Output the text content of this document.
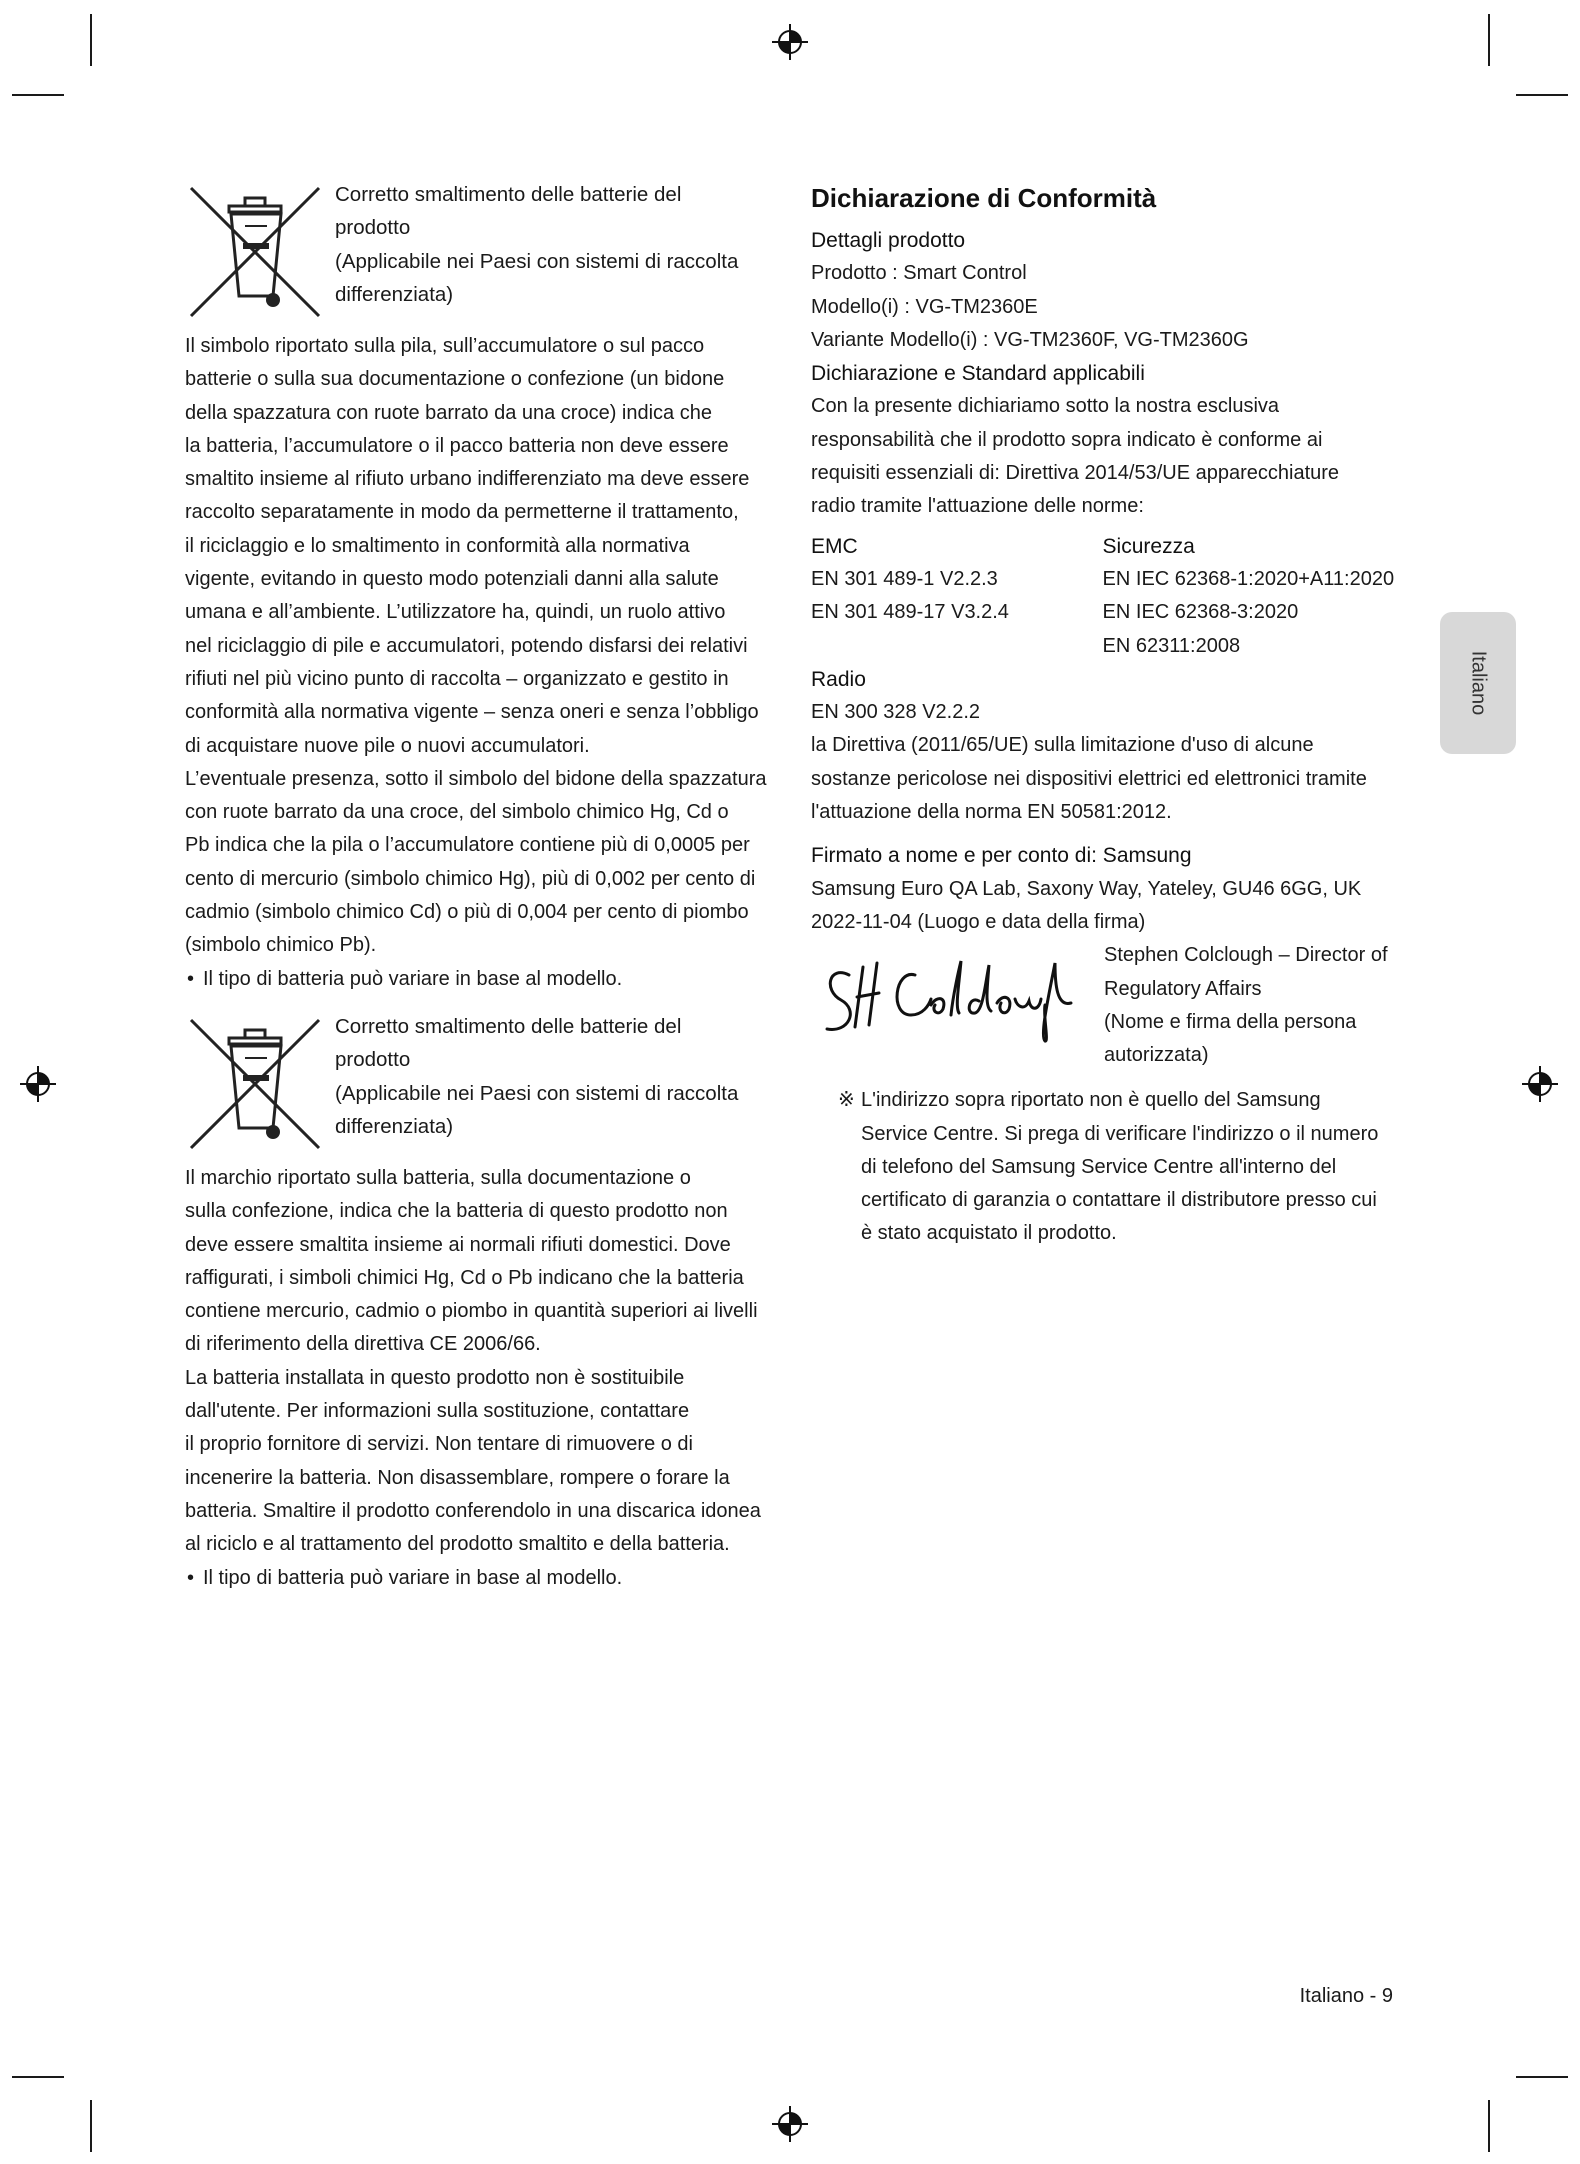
Corretto smaltimento delle batterie del
prodotto
(Applicabile nei Paesi con sistemi di raccolta
differenziata)
Il simbolo riportato sulla pila, sull’accumulatore o sul pacco
batterie o sulla sua documentazione o confezione (un bidone
della spazzatura con ruote barrato da una croce) indica che
la batteria, l’accumulatore o il pacco batteria non deve essere
smaltito insieme al rifiuto urbano indifferenziato ma deve essere
raccolto separatamente in modo da permetterne il trattamento,
il riciclaggio e lo smaltimento in conformità alla normativa
vigente, evitando in questo modo potenziali danni alla salute
umana e all’ambiente. L’utilizzatore ha, quindi, un ruolo attivo
nel riciclaggio di pile e accumulatori, potendo disfarsi dei relativi
rifiuti nel più vicino punto di raccolta – organizzato e gestito in
conformità alla normativa vigente – senza oneri e senza l’obbligo
di acquistare nuove pile o nuovi accumulatori.
L’eventuale presenza, sotto il simbolo del bidone della spazzatura
con ruote barrato da una croce, del simbolo chimico Hg, Cd o
Pb indica che la pila o l’accumulatore contiene più di 0,0005 per
cento di mercurio (simbolo chimico Hg), più di 0,002 per cento di
cadmio (simbolo chimico Cd) o più di 0,004 per cento di piombo
(simbolo chimico Pb).
• Il tipo di batteria può variare in base al modello.
Corretto smaltimento delle batterie del
prodotto
(Applicabile nei Paesi con sistemi di raccolta
differenziata)
Il marchio riportato sulla batteria, sulla documentazione o
sulla confezione, indica che la batteria di questo prodotto non
deve essere smaltita insieme ai normali rifiuti domestici. Dove
raffigurati, i simboli chimici Hg, Cd o Pb indicano che la batteria
contiene mercurio, cadmio o piombo in quantità superiori ai livelli
di riferimento della direttiva CE 2006/66.
La batteria installata in questo prodotto non è sostituibile
dall'utente. Per informazioni sulla sostituzione, contattare
il proprio fornitore di servizi. Non tentare di rimuovere o di
incenerire la batteria. Non disassemblare, rompere o forare la
batteria. Smaltire il prodotto conferendolo in una discarica idonea
al riciclo e al trattamento del prodotto smaltito e della batteria.
• Il tipo di batteria può variare in base al modello.
Dichiarazione di Conformità
Dettagli prodotto
Prodotto : Smart Control
Modello(i) : VG-TM2360E
Variante Modello(i) : VG-TM2360F, VG-TM2360G
Dichiarazione e Standard applicabili
Con la presente dichiariamo sotto la nostra esclusiva
responsabilità che il prodotto sopra indicato è conforme ai
requisiti essenziali di: Direttiva 2014/53/UE apparecchiature
radio tramite l'attuazione delle norme:
EMC
EN 301 489-1 V2.2.3
EN 301 489-17 V3.2.4
Sicurezza
EN IEC 62368-1:2020+A11:2020
EN IEC 62368-3:2020
EN 62311:2008
Radio
EN 300 328 V2.2.2
la Direttiva (2011/65/UE) sulla limitazione d'uso di alcune
sostanze pericolose nei dispositivi elettrici ed elettronici tramite
l'attuazione della norma EN 50581:2012.
Firmato a nome e per conto di: Samsung
Samsung Euro QA Lab, Saxony Way, Yateley, GU46 6GG, UK
2022-11-04 (Luogo e data della firma)
Stephen Colclough – Director of
Regulatory Affairs
(Nome e firma della persona
autorizzata)
※ L'indirizzo sopra riportato non è quello del Samsung
Service Centre. Si prega di verificare l'indirizzo o il numero
di telefono del Samsung Service Centre all'interno del
certificato di garanzia o contattare il distributore presso cui
è stato acquistato il prodotto.
Italiano
Italiano - 9
